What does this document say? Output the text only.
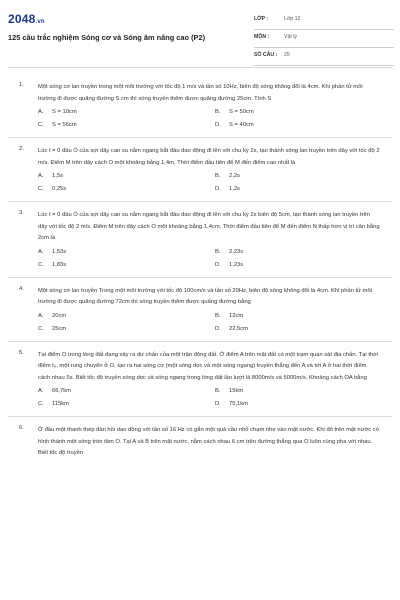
2048.vn
125 câu trắc nghiệm Sóng cơ và Sóng âm nâng cao (P2)
LỚP :	Lớp 12
MÔN :	Vật lý
SỐ CÂU : 25
1. Một sóng cơ lan truyền trong một môi trường với tốc độ 1 m/s và tần số 10Hz, biên độ sóng không đổi là 4cm. Khi phần tử môi trường đi được quãng đường S cm thì sóng truyền thêm được quãng đường 25cm. Tính S
A. S = 10cm	B. S = 50cm
C. S = 56cm	D. S = 40cm
2. Lúc t = 0 đầu O của sợi dây cao su nằm ngang bắt đầu dao động đi lên với chu kỳ 2s, tạo thành sóng lan truyền trên dây với tốc độ 2 m/s. Điểm M trên dây cách O một khoảng bằng 1,4m. Thời điểm đầu tiên để M đến điểm cao nhất là
A. 1,5s	B. 2,2s
C. 0,25s	D. 1,2s
3. Lúc t = 0 đầu O của sợi dây cao su nằm ngang bắt đầu dao động đi lên với chu kỳ 2s biên độ 5cm, tạo thành sóng lan truyền trên dây với tốc độ 2 m/s. Điểm M trên dây cách O một khoảng bằng 1,4cm. Thời điểm đầu tiên để M đến điểm N thấp hơn vị trí cân bằng 2cm là
A. 1,53s	B. 2,23s
C. 1,83s	D. 1,23s
4. Một sóng cơ lan truyền Trong một môi trường với tốc độ 100cm/s và tần số 20Hz, biên độ sóng không đổi là 4cm. Khi phần tử môi trường đi được quãng đường 72cm thì sóng truyền thêm được quãng đường bằng
A. 20cm	B. 12cm
C. 25cm	D. 22,5cm
5. Tại điểm O trong lòng đất đang xảy ra dư chấn của một trận động đất. Ở điểm A trên mặt đất có một trạm quan sát địa chấn. Tại thời điểm t₀, một rung chuyển ở O, tạo ra hai sóng cơ (một sóng dọc và một sóng ngang) truyền thẳng đến A và tới A ở hai thời điểm cách nhau 5s. Biết tốc độ truyền sóng dọc và sóng ngang trong lòng đất lần lượt là 8000m/s và 5000m/s. Khoảng cách OA bằng
A. 66,7km	B. 15km
C. 115km	D. 75,1km
6. Ở đầu một thanh thép đàn hồi dao động với tần số 16 Hz có gắn một quả cầu nhỏ chạm nhẹ vào mặt nước. Khi đó trên mặt nước có hình thành một sóng tròn tâm O. Tại A và B trên mặt nước, nằm cách nhau 6 cm trên đường thẳng qua O luôn cùng pha với nhau. Biết tốc độ truyền
